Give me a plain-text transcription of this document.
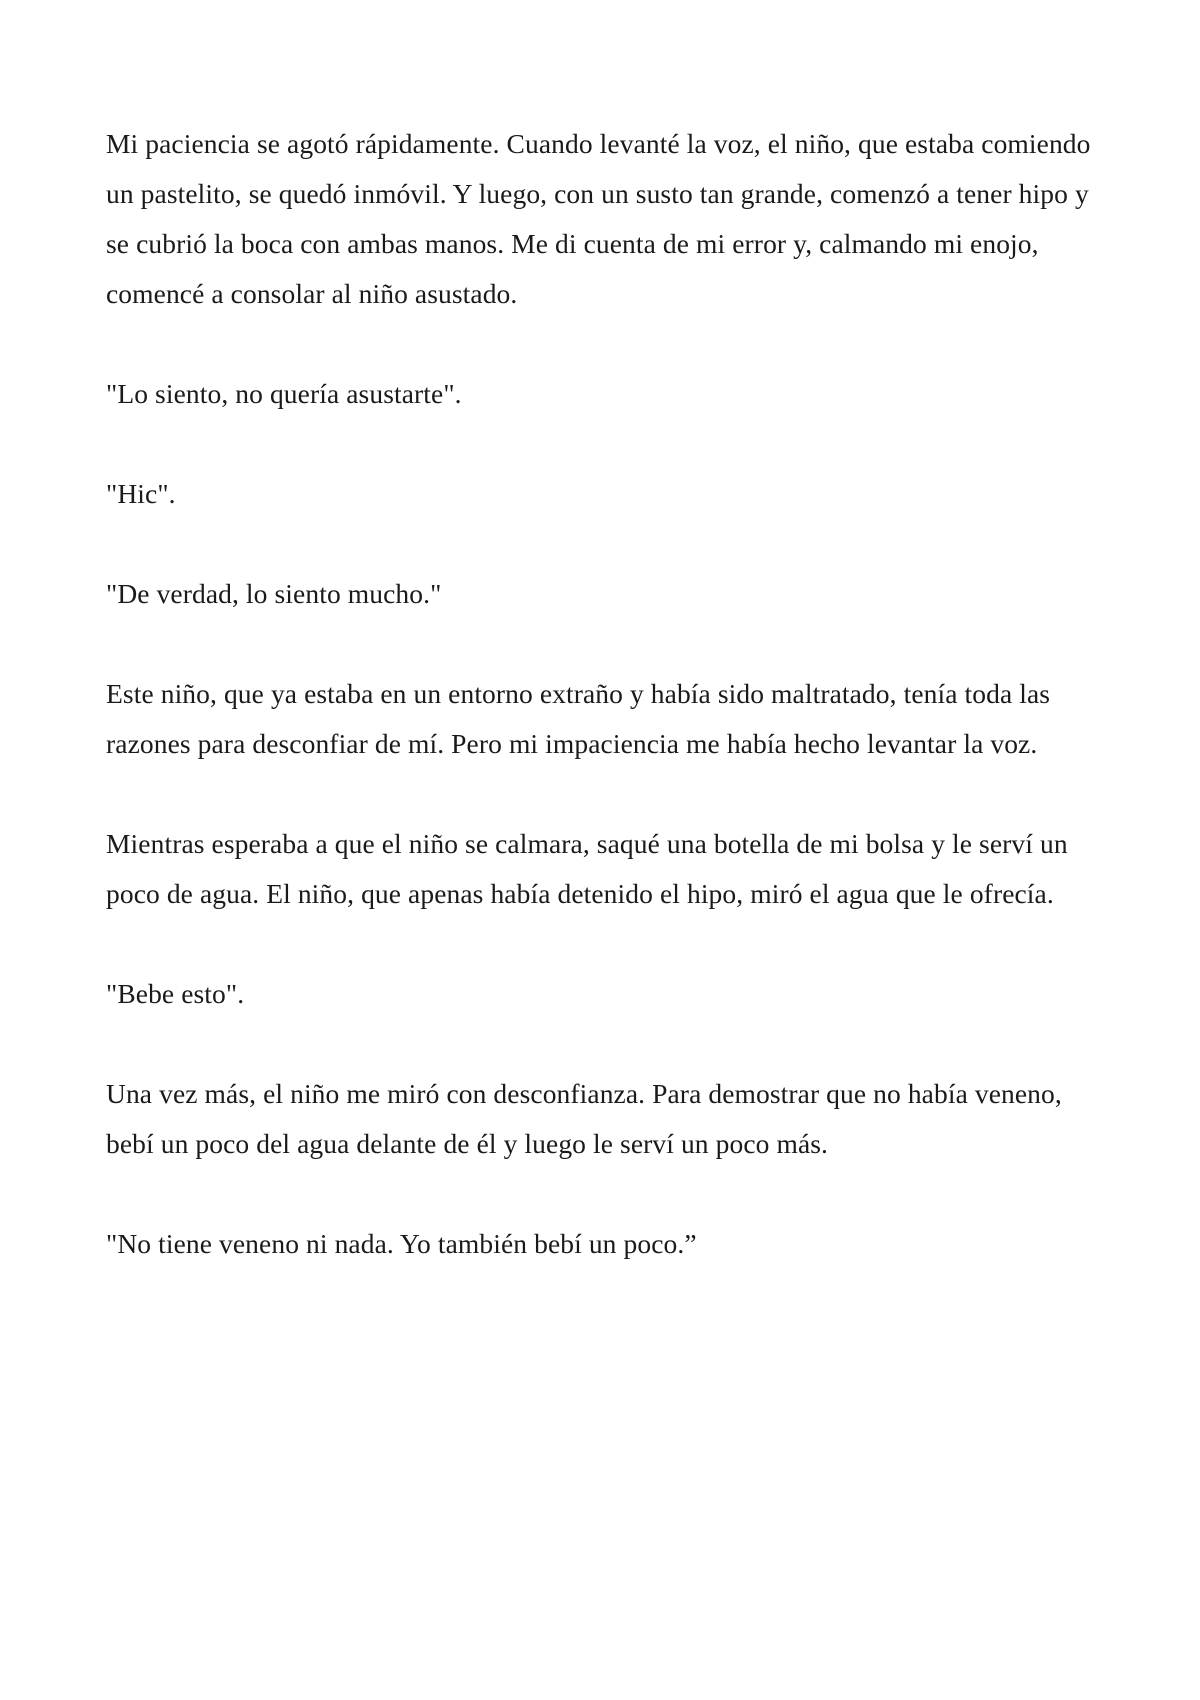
Mi paciencia se agotó rápidamente. Cuando levanté la voz, el niño, que estaba comiendo un pastelito, se quedó inmóvil. Y luego, con un susto tan grande, comenzó a tener hipo y se cubrió la boca con ambas manos. Me di cuenta de mi error y, calmando mi enojo, comencé a consolar al niño asustado.

"Lo siento, no quería asustarte".

"Hic".

"De verdad, lo siento mucho."

Este niño, que ya estaba en un entorno extraño y había sido maltratado, tenía toda las razones para desconfiar de mí. Pero mi impaciencia me había hecho levantar la voz.

Mientras esperaba a que el niño se calmara, saqué una botella de mi bolsa y le serví un poco de agua. El niño, que apenas había detenido el hipo, miró el agua que le ofrecía.

"Bebe esto".

Una vez más, el niño me miró con desconfianza. Para demostrar que no había veneno, bebí un poco del agua delante de él y luego le serví un poco más.

"No tiene veneno ni nada. Yo también bebí un poco.”
